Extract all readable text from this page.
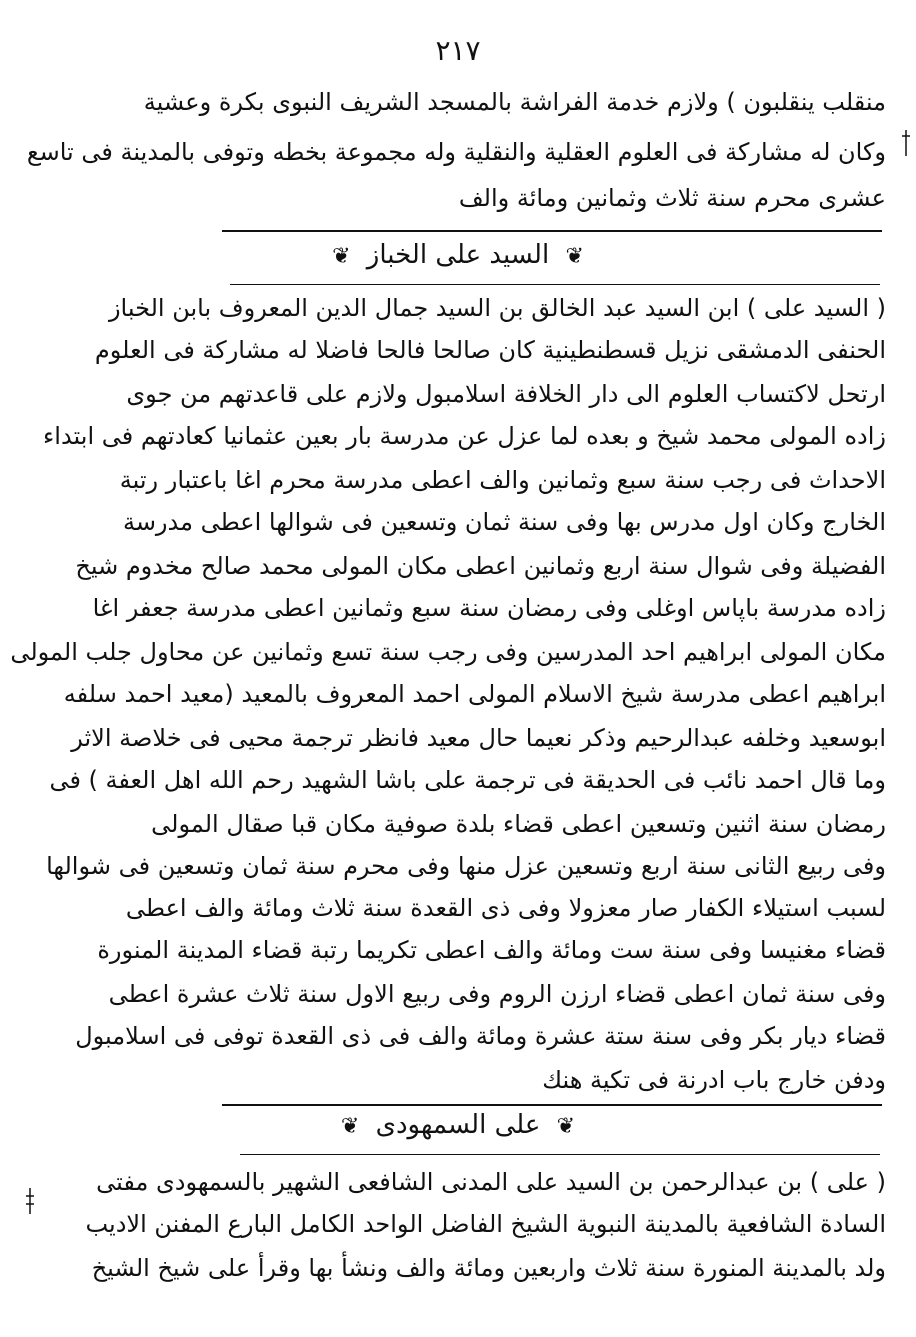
٢١٧
منقلب ينقلبون ) ولازم خدمة الفراشة بالمسجد الشريف النبوى بكرة وعشية
وكان له مشاركة فى العلوم العقلية والنقلية وله مجموعة بخطه وتوفى بالمدينة فى تاسع
عشرى محرم سنة ثلاث وثمانين ومائة والف
❦ السيد على الخباز ❦
( السيد على ) ابن السيد عبد الخالق بن السيد جمال الدين المعروف بابن الخباز
الحنفى الدمشقى نزيل قسطنطينية كان صالحا فالحا فاضلا له مشاركة فى العلوم
ارتحل لاكتساب العلوم الى دار الخلافة اسلامبول ولازم على قاعدتهم من جوى
زاده المولى محمد شيخ و بعده لما عزل عن مدرسة بار بعين عثمانيا كعادتهم فى ابتداء
الاحداث فى رجب سنة سبع وثمانين والف اعطى مدرسة محرم اغا باعتبار رتبة
الخارج وكان اول مدرس بها وفى سنة ثمان وتسعين فى شوالها اعطى مدرسة
الفضيلة وفى شوال سنة اربع وثمانين اعطى مكان المولى محمد صالح مخدوم شيخ
زاده مدرسة باپاس اوغلى وفى رمضان سنة سبع وثمانين اعطى مدرسة جعفر اغا
مكان المولى ابراهيم احد المدرسين وفى رجب سنة تسع وثمانين عن محاول جلب المولى
ابراهيم اعطى مدرسة شيخ الاسلام المولى احمد المعروف بالمعيد (معيد احمد سلفه
ابوسعيد وخلفه عبدالرحيم وذكر نعيما حال معيد فانظر ترجمة محيى فى خلاصة الاثر
وما قال احمد نائب فى الحديقة فى ترجمة على باشا الشهيد رحم الله اهل العفة ) فى
رمضان سنة اثنين وتسعين اعطى قضاء بلدة صوفية مكان قبا صقال المولى
وفى ربيع الثانى سنة اربع وتسعين عزل منها وفى محرم سنة ثمان وتسعين فى شوالها
لسبب استيلاء الكفار صار معزولا وفى ذى القعدة سنة ثلاث ومائة والف اعطى
قضاء مغنيسا وفى سنة ست ومائة والف اعطى تكريما رتبة قضاء المدينة المنورة
وفى سنة ثمان اعطى قضاء ارزن الروم وفى ربيع الاول سنة ثلاث عشرة اعطى
قضاء ديار بكر وفى سنة ستة عشرة ومائة والف فى ذى القعدة توفى فى اسلامبول
ودفن خارج باب ادرنة فى تكية هنك
❦ على السمهودى ❦
( على ) بن عبدالرحمن بن السيد على المدنى الشافعى الشهير بالسمهودى مفتى
السادة الشافعية بالمدينة النبوية الشيخ الفاضل الواحد الكامل البارع المفنن الاديب
ولد بالمدينة المنورة سنة ثلاث واربعين ومائة والف ونشأ بها وقرأ على شيخ الشيخ
